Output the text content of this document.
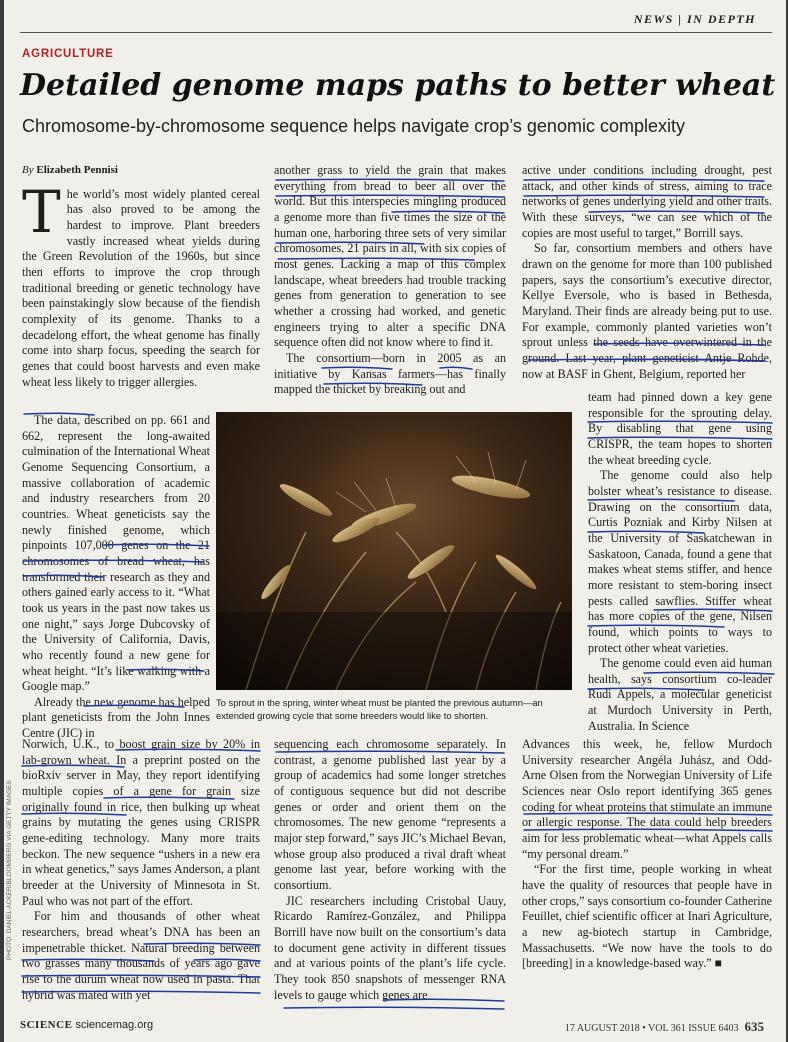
NEWS | IN DEPTH
AGRICULTURE
Detailed genome maps paths to better wheat
Chromosome-by-chromosome sequence helps navigate crop’s genomic complexity
By Elizabeth Pennisi
T he world’s most widely planted cereal has also proved to be among the hardest to improve. Plant breeders vastly increased wheat yields during the Green Revolution of the 1960s, but since then efforts to improve the crop through traditional breeding or genetic technology have been painstakingly slow because of the fiendish complexity of its genome. Thanks to a decadelong effort, the wheat genome has finally come into sharp focus, speeding the search for genes that could boost harvests and even make wheat less likely to trigger allergies.

The data, described on pp. 661 and 662, represent the long-awaited culmination of the International Wheat Genome Sequencing Consortium, a massive collaboration of academic and industry researchers from 20 countries. Wheat geneticists say the newly finished genome, which pinpoints 107,000 genes on the 21 chromosomes of bread wheat, has transformed their research as they and others gained early access to it. “What took us years in the past now takes us one night,” says Jorge Dubcovsky of the University of California, Davis, who recently found a new gene for wheat height. “It’s like walking with a Google map.”

Already the new genome has helped plant geneticists from the John Innes Centre (JIC) in

Norwich, U.K., to boost grain size by 20% in lab-grown wheat. In a preprint posted on the bioRxiv server in May, they report identifying multiple copies of a gene for grain size originally found in rice, then bulking up wheat grains by mutating the genes using CRISPR gene-editing technology. Many more traits beckon. The new sequence “ushers in a new era in wheat genetics,” says James Anderson, a plant breeder at the University of Minnesota in St. Paul who was not part of the effort.

For him and thousands of other wheat researchers, bread wheat’s DNA has been an impenetrable thicket. Natural breeding between two grasses many thousands of years ago gave rise to the durum wheat now used in pasta. That hybrid was mated with yet

another grass to yield the grain that makes everything from bread to beer all over the world. But this interspecies mingling produced a genome more than five times the size of the human one, harboring three sets of very similar chromosomes, 21 pairs in all, with six copies of most genes. Lacking a map of this complex landscape, wheat breeders had trouble tracking genes from generation to generation to see whether a crossing had worked, and genetic engineers trying to alter a specific DNA sequence often did not know where to find it.

The consortium—born in 2005 as an initiative by Kansas farmers—has finally mapped the thicket by breaking out and

sequencing each chromosome separately. In contrast, a genome published last year by a group of academics had some longer stretches of contiguous sequence but did not describe genes or order and orient them on the chromosomes. The new genome “represents a major step forward,” says JIC’s Michael Bevan, whose group also produced a rival draft wheat genome last year, before working with the consortium.

JIC researchers including Cristobal Uauy, Ricardo Ramírez-González, and Philippa Borrill have now built on the consortium’s data to document gene activity in different tissues and at various points of the plant’s life cycle. They took 850 snapshots of messenger RNA levels to gauge which genes are

active under conditions including drought, pest attack, and other kinds of stress, aiming to trace networks of genes underlying yield and other traits. With these surveys, “we can see which of the copies are most useful to target,” Borrill says.

So far, consortium members and others have drawn on the genome for more than 100 published papers, says the consortium’s executive director, Kellye Eversole, who is based in Bethesda, Maryland. Their finds are already being put to use. For example, commonly planted varieties won’t sprout unless the seeds have overwintered in the ground. Last year, plant geneticist Antje Rohde, now at BASF in Ghent, Belgium, reported her

team had pinned down a key gene responsible for the sprouting delay. By disabling that gene using CRISPR, the team hopes to shorten the wheat breeding cycle.

The genome could also help bolster wheat’s resistance to disease. Drawing on the consortium data, Curtis Pozniak and Kirby Nilsen at the University of Saskatchewan in Saskatoon, Canada, found a gene that makes wheat stems stiffer, and hence more resistant to stem-boring insect pests called sawflies. Stiffer wheat has more copies of the gene, Nilsen found, which points to ways to protect other wheat varieties.

The genome could even aid human health, says consortium co-leader Rudi Appels, a molecular geneticist at Murdoch University in Perth, Australia. In Science

Advances this week, he, fellow Murdoch University researcher Angéla Juhász, and Odd-Arne Olsen from the Norwegian University of Life Sciences near Oslo report identifying 365 genes coding for wheat proteins that stimulate an immune or allergic response. The data could help breeders aim for less problematic wheat—what Appels calls “my personal dream.”

“For the first time, people working in wheat have the quality of resources that people have in other crops,” says consortium co-founder Catherine Feuillet, chief scientific officer at Inari Agriculture, a new ag-biotech startup in Cambridge, Massachusetts. “We now have the tools to do [breeding] in a knowledge-based way.” ■

To sprout in the spring, winter wheat must be planted the previous autumn—an extended growing cycle that some breeders would like to shorten.
PHOTO: DANIEL ACKER/BLOOMBERG VIA GETTY IMAGES
SCIENCE sciencemag.org	17 AUGUST 2018 • VOL 361 ISSUE 6403 635
